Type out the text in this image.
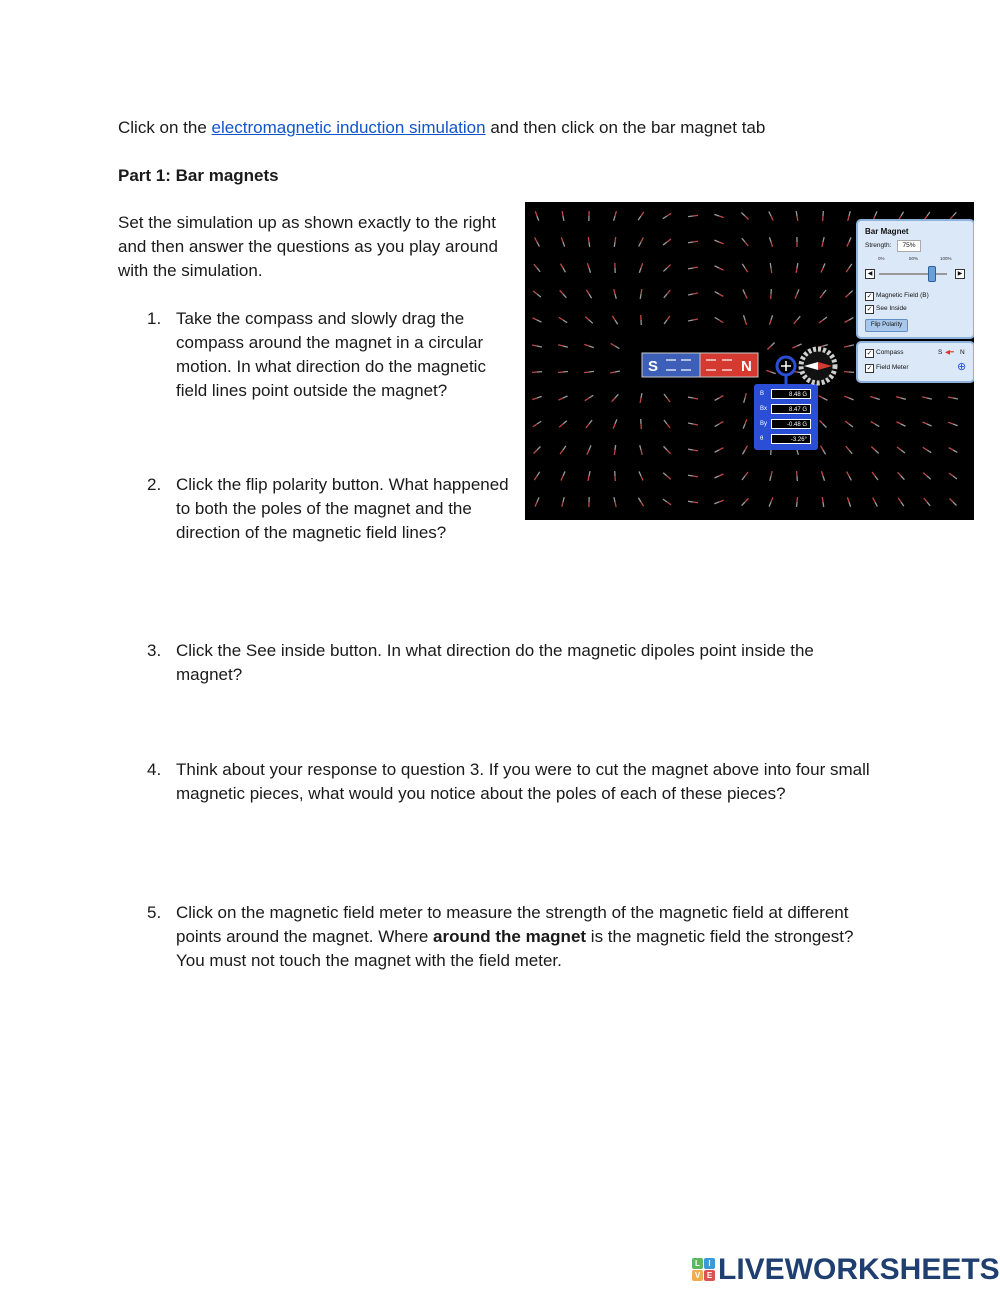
Click on the electromagnetic induction simulation and then click on the bar magnet tab
Part 1: Bar magnets
Set the simulation up as shown exactly to the right and then answer the questions as you play around with the simulation.
1. Take the compass and slowly drag the compass around the magnet in a circular motion. In what direction do the magnetic field lines point outside the magnet?
2. Click the flip polarity button. What happened to both the poles of the magnet and the direction of the magnetic field lines?
3. Click the See inside button. In what direction do the magnetic dipoles point inside the magnet?
4. Think about your response to question 3. If you were to cut the magnet above into four small magnetic pieces, what would you notice about the poles of each of these pieces?
5. Click on the magnetic field meter to measure the strength of the magnetic field at different points around the magnet. Where around the magnet is the magnetic field the strongest? You must not touch the magnet with the field meter.
S	N
B	8.48 G
Bx	8.47 G
By	-0.48 G
θ	-3.26°
Bar Magnet
Strength:	75%
0%	50%	100%
◀	▶
✓ Magnetic Field (B)
✓ See Inside
Flip Polarity
✓ Compass	S ◀━ N
✓ Field Meter	⊕
L	I
V E LIVEWORKSHEETS
